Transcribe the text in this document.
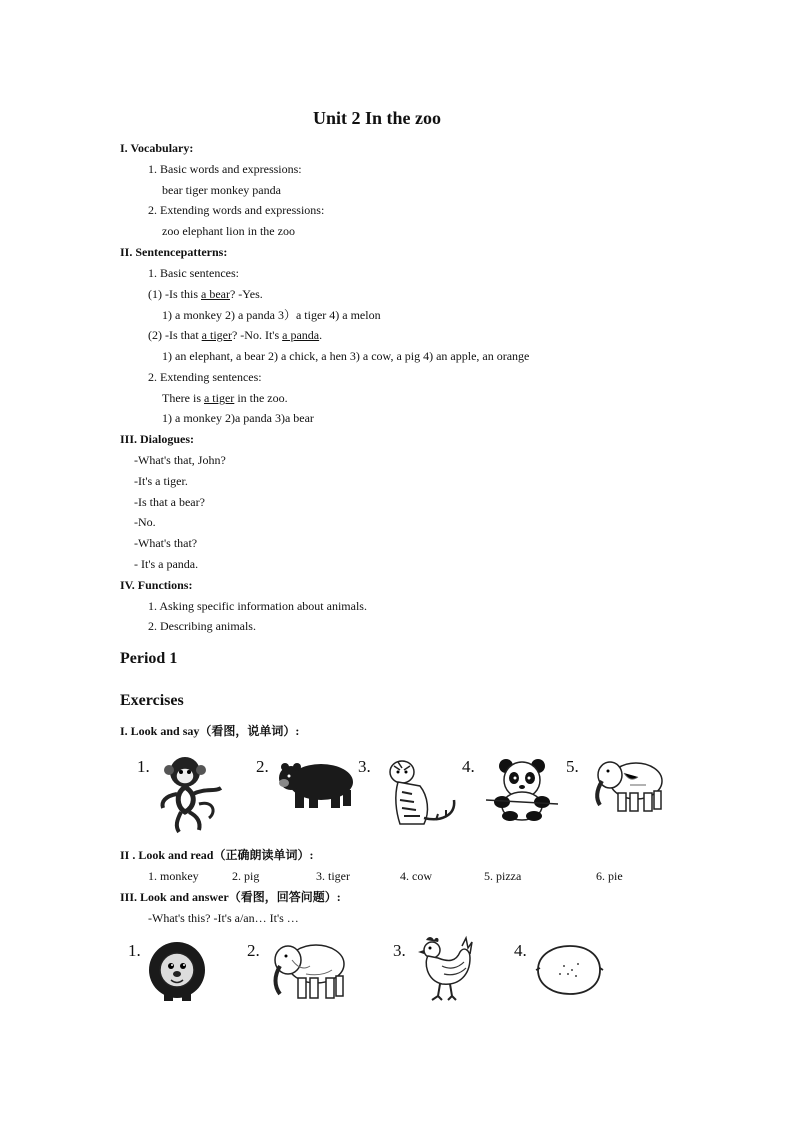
Unit 2 In the zoo
I. Vocabulary:
1. Basic words and expressions:
bear tiger monkey panda
2. Extending words and expressions:
zoo elephant lion in the zoo
II. Sentencepatterns:
1. Basic sentences:
(1) -Is this a bear? -Yes.
1) a monkey 2) a panda 3）a tiger 4) a melon
(2) -Is that a tiger? -No. It's a panda.
1) an elephant, a bear 2) a chick, a hen 3) a cow, a pig 4) an apple, an orange
2. Extending sentences:
There is a tiger in the zoo.
1) a monkey 2)a panda 3)a bear
III. Dialogues:
-What's that, John?
-It's a tiger.
-Is that a bear?
-No.
-What's that?
- It's a panda.
IV. Functions:
1. Asking specific information about animals.
2. Describing animals.
Period 1
Exercises
I. Look and say（看图，说单词）:
1.	2.	3.	4.	5.
II . Look and read（正确朗读单词）:
1. monkey	2. pig	3. tiger	4. cow	5. pizza	6. pie
III. Look and answer（看图，回答问题）:
-What's this? -It's a/an… It's …
1.	2.	3.	4.
